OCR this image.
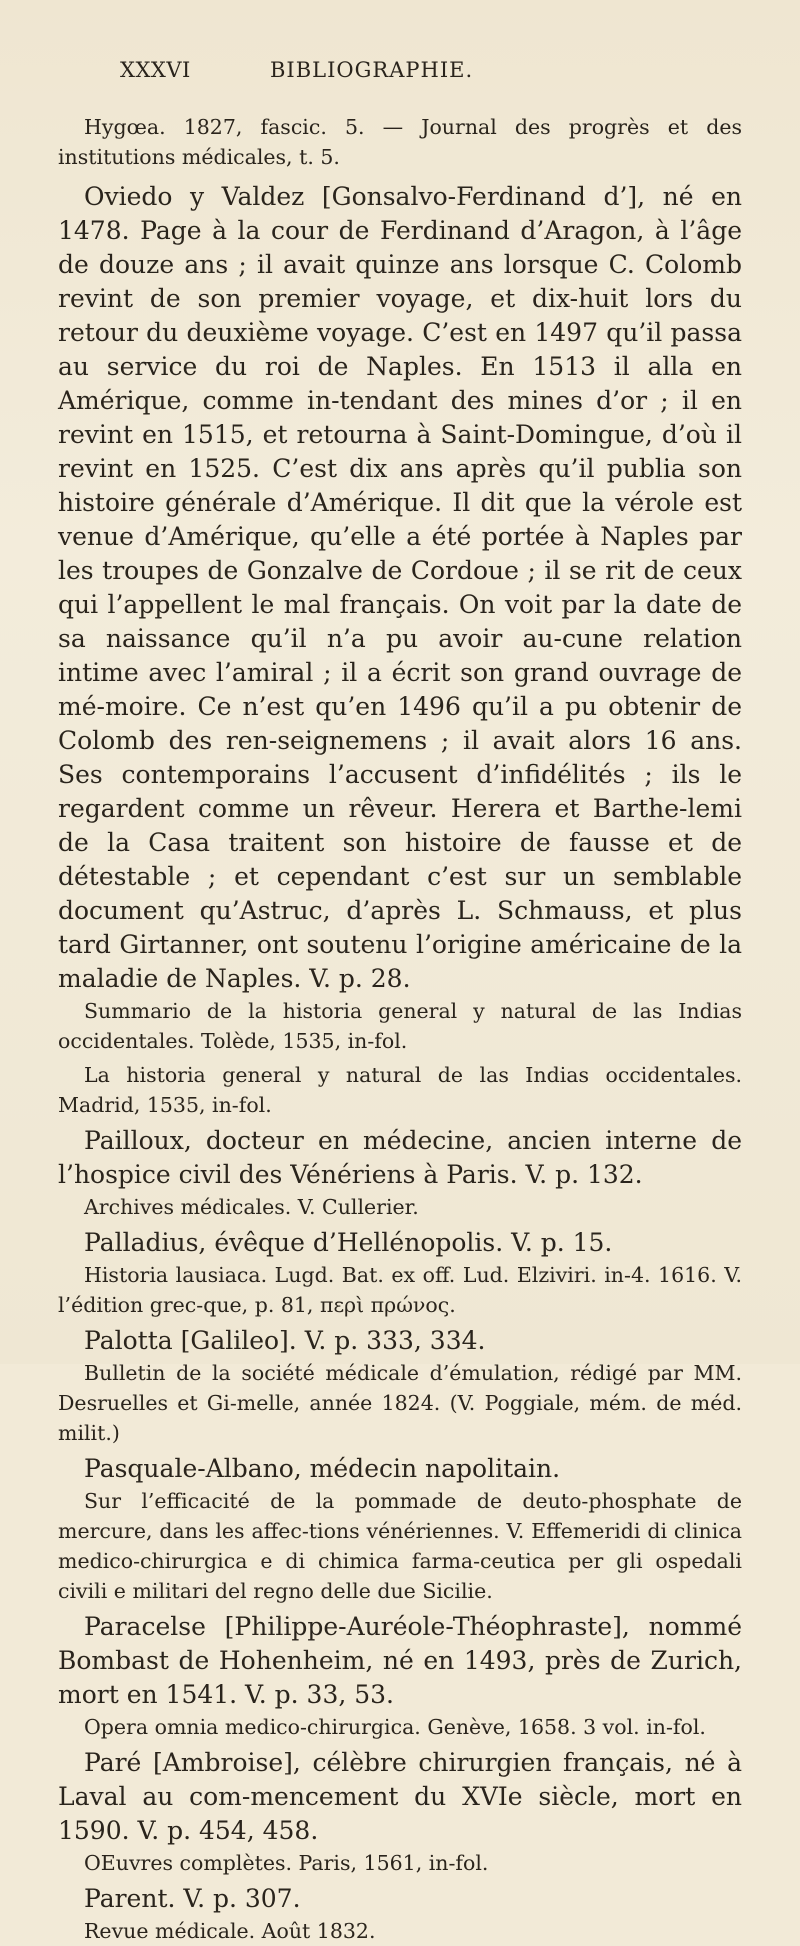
XXXVI	BIBLIOGRAPHIE.

Hygœa. 1827, fascic. 5. — Journal des progrès et des institutions médicales, t. 5.

Oviedo y Valdez [Gonsalvo-Ferdinand d’], né en 1478. Page à la cour de Ferdinand d’Aragon, à l’âge de douze ans ; il avait quinze ans lorsque C. Colomb revint de son premier voyage, et dix-huit lors du retour du deuxième voyage. C’est en 1497 qu’il passa au service du roi de Naples. En 1513 il alla en Amérique, comme in-tendant des mines d’or ; il en revint en 1515, et retourna à Saint-Domingue, d’où il revint en 1525. C’est dix ans après qu’il publia son histoire générale d’Amérique. Il dit que la vérole est venue d’Amérique, qu’elle a été portée à Naples par les troupes de Gonzalve de Cordoue ; il se rit de ceux qui l’appellent le mal français. On voit par la date de sa naissance qu’il n’a pu avoir au-cune relation intime avec l’amiral ; il a écrit son grand ouvrage de mé-moire. Ce n’est qu’en 1496 qu’il a pu obtenir de Colomb des ren-seignemens ; il avait alors 16 ans. Ses contemporains l’accusent d’infidélités ; ils le regardent comme un rêveur. Herera et Barthe-lemi de la Casa traitent son histoire de fausse et de détestable ; et cependant c’est sur un semblable document qu’Astruc, d’après L. Schmauss, et plus tard Girtanner, ont soutenu l’origine américaine de la maladie de Naples. V. p. 28.

Summario de la historia general y natural de las Indias occidentales. Tolède, 1535, in-fol.

La historia general y natural de las Indias occidentales. Madrid, 1535, in-fol.

Pailloux, docteur en médecine, ancien interne de l’hospice civil des Vénériens à Paris. V. p. 132.

Archives médicales. V. Cullerier.

Palladius, évêque d’Hellénopolis. V. p. 15.

Historia lausiaca. Lugd. Bat. ex off. Lud. Elziviri. in-4. 1616. V. l’édition grec-que, p. 81, περὶ πρώνος.

Palotta [Galileo]. V. p. 333, 334.

Bulletin de la société médicale d’émulation, rédigé par MM. Desruelles et Gi-melle, année 1824. (V. Poggiale, mém. de méd. milit.)

Pasquale-Albano, médecin napolitain.

Sur l’efficacité de la pommade de deuto-phosphate de mercure, dans les affec-tions vénériennes. V. Effemeridi di clinica medico-chirurgica e di chimica farma-ceutica per gli ospedali civili e militari del regno delle due Sicilie.

Paracelse [Philippe-Auréole-Théophraste], nommé Bombast de Hohenheim, né en 1493, près de Zurich, mort en 1541. V. p. 33, 53.

Opera omnia medico-chirurgica. Genève, 1658. 3 vol. in-fol.

Paré [Ambroise], célèbre chirurgien français, né à Laval au com-mencement du XVIe siècle, mort en 1590. V. p. 454, 458.

OEuvres complètes. Paris, 1561, in-fol.

Parent. V. p. 307.

Revue médicale. Août 1832.
